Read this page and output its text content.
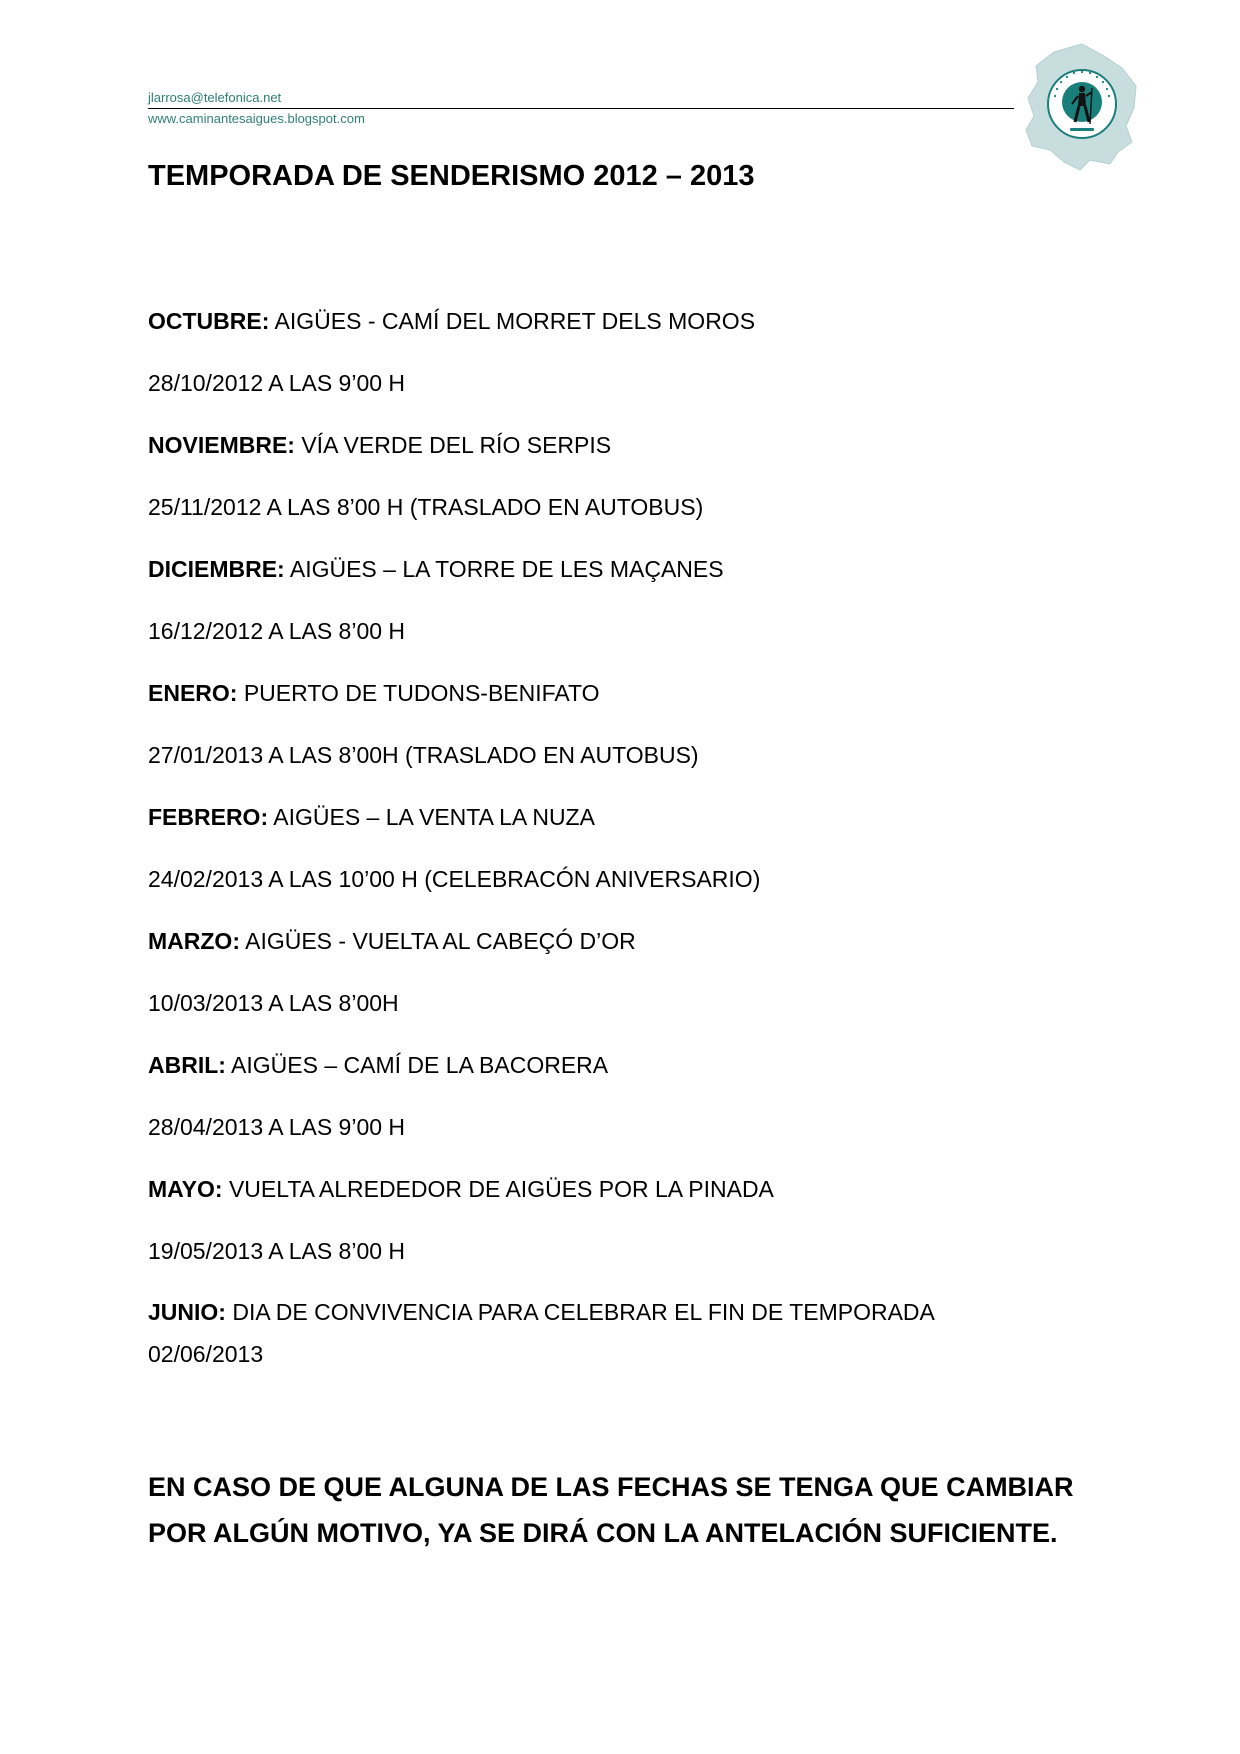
jlarrosa@telefonica.net
www.caminantesaigues.blogspot.com
TEMPORADA DE SENDERISMO 2012 – 2013
OCTUBRE: AIGÜES - CAMÍ DEL MORRET DELS MOROS
28/10/2012 A LAS 9’00 H
NOVIEMBRE: VÍA VERDE DEL RÍO SERPIS
25/11/2012 A LAS 8’00 H (TRASLADO EN AUTOBUS)
DICIEMBRE: AIGÜES – LA TORRE DE LES MAÇANES
16/12/2012 A LAS 8’00 H
ENERO: PUERTO DE TUDONS-BENIFATO
27/01/2013 A LAS 8’00H (TRASLADO EN AUTOBUS)
FEBRERO: AIGÜES – LA VENTA LA NUZA
24/02/2013 A LAS 10’00 H (CELEBRACÓN ANIVERSARIO)
MARZO: AIGÜES - VUELTA AL CABEÇÓ D’OR
10/03/2013 A LAS 8’00H
ABRIL: AIGÜES – CAMÍ DE LA BACORERA
28/04/2013 A LAS 9’00 H
MAYO: VUELTA ALREDEDOR DE AIGÜES POR LA PINADA
19/05/2013 A LAS 8’00 H
JUNIO: DIA DE CONVIVENCIA PARA CELEBRAR EL FIN DE TEMPORADA
02/06/2013

EN CASO DE QUE ALGUNA DE LAS FECHAS SE TENGA QUE CAMBIAR
POR ALGÚN MOTIVO, YA SE DIRÁ CON LA ANTELACIÓN SUFICIENTE.
